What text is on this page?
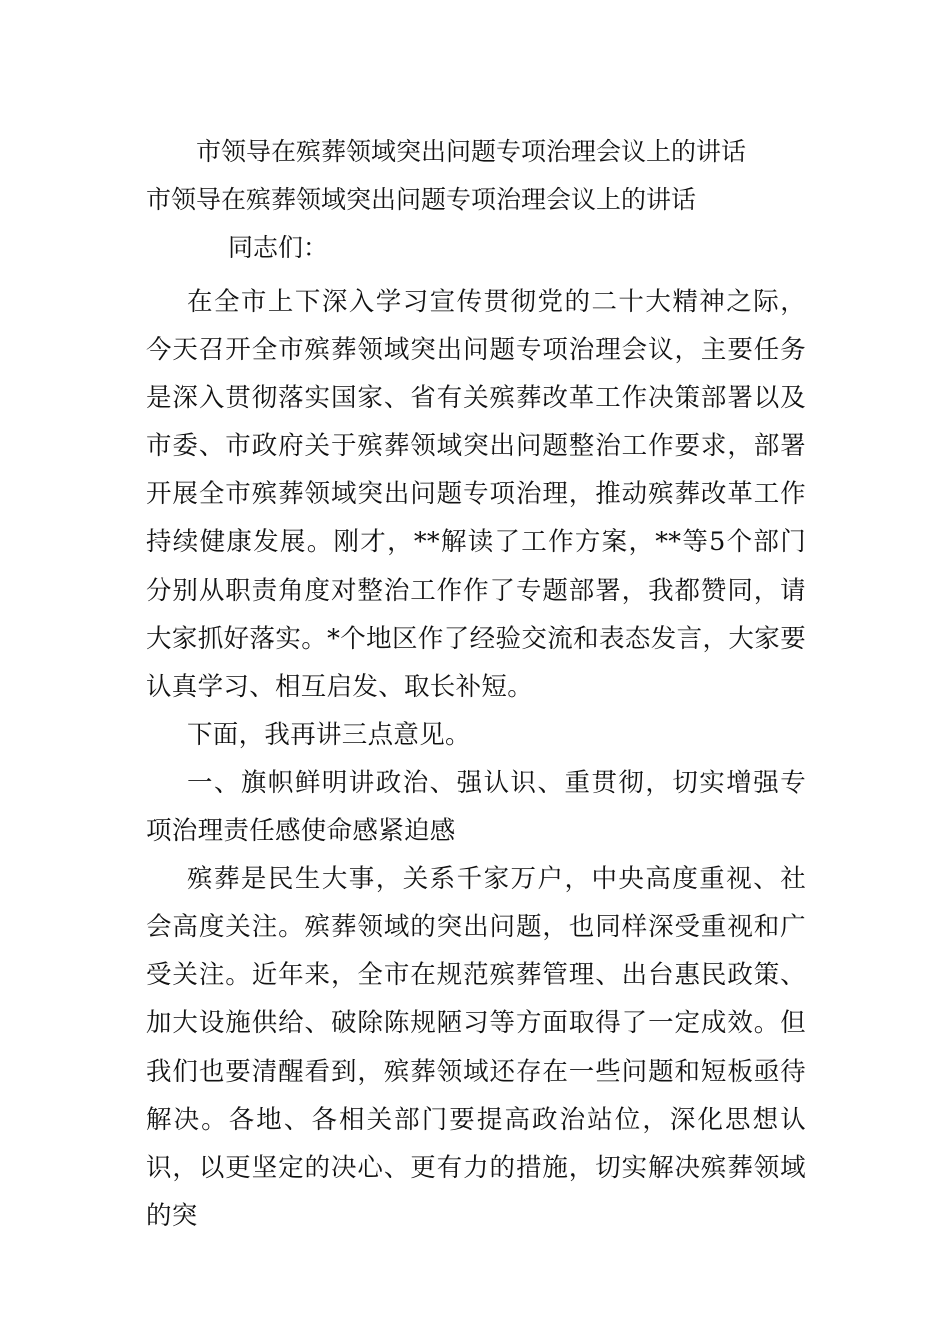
市领导在殡葬领域突出问题专项治理会议上的讲话
市领导在殡葬领域突出问题专项治理会议上的讲话

同志们：

在全市上下深入学习宣传贯彻党的二十大精神之际，今天召开全市殡葬领域突出问题专项治理会议，主要任务是深入贯彻落实国家、省有关殡葬改革工作决策部署以及市委、市政府关于殡葬领域突出问题整治工作要求，部署开展全市殡葬领域突出问题专项治理，推动殡葬改革工作持续健康发展。刚才，**解读了工作方案，**等5个部门分别从职责角度对整治工作作了专题部署，我都赞同，请大家抓好落实。*个地区作了经验交流和表态发言，大家要认真学习、相互启发、取长补短。

下面，我再讲三点意见。

一、旗帜鲜明讲政治、强认识、重贯彻，切实增强专项治理责任感使命感紧迫感

殡葬是民生大事，关系千家万户，中央高度重视、社会高度关注。殡葬领域的突出问题，也同样深受重视和广受关注。近年来，全市在规范殡葬管理、出台惠民政策、加大设施供给、破除陈规陋习等方面取得了一定成效。但我们也要清醒看到，殡葬领域还存在一些问题和短板亟待解决。各地、各相关部门要提高政治站位，深化思想认识，以更坚定的决心、更有力的措施，切实解决殡葬领域的突
